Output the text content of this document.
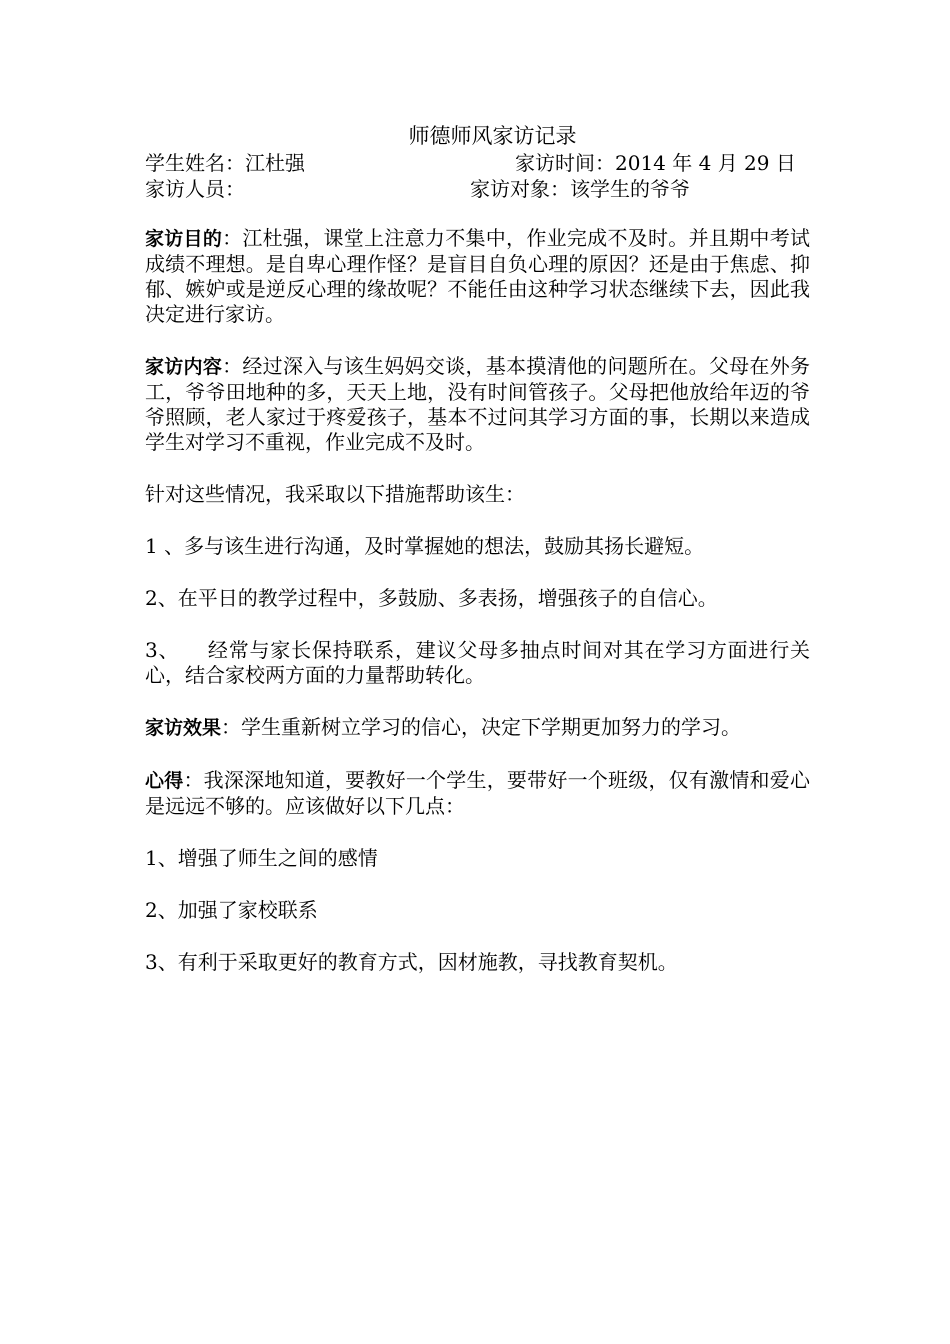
师德师风家访记录

学生姓名：江杜强	家访时间：2014 年 4 月 29 日
家访人员：	家访对象：该学生的爷爷

家访目的：江杜强，课堂上注意力不集中，作业完成不及时。并且期中考试成绩不理想。是自卑心理作怪？是盲目自负心理的原因？还是由于焦虑、抑郁、嫉妒或是逆反心理的缘故呢？不能任由这种学习状态继续下去，因此我决定进行家访。

家访内容：经过深入与该生妈妈交谈，基本摸清他的问题所在。父母在外务工，爷爷田地种的多，天天上地，没有时间管孩子。父母把他放给年迈的爷爷照顾，老人家过于疼爱孩子，基本不过问其学习方面的事，长期以来造成学生对学习不重视，作业完成不及时。

针对这些情况，我采取以下措施帮助该生：

1 、多与该生进行沟通，及时掌握她的想法，鼓励其扬长避短。

2、在平日的教学过程中，多鼓励、多表扬，增强孩子的自信心。

3、    经常与家长保持联系，建议父母多抽点时间对其在学习方面进行关心，结合家校两方面的力量帮助转化。

家访效果：学生重新树立学习的信心，决定下学期更加努力的学习。

心得：我深深地知道，要教好一个学生，要带好一个班级，仅有激情和爱心是远远不够的。应该做好以下几点：

1、增强了师生之间的感情

2、加强了家校联系

3、有利于采取更好的教育方式，因材施教，寻找教育契机。
